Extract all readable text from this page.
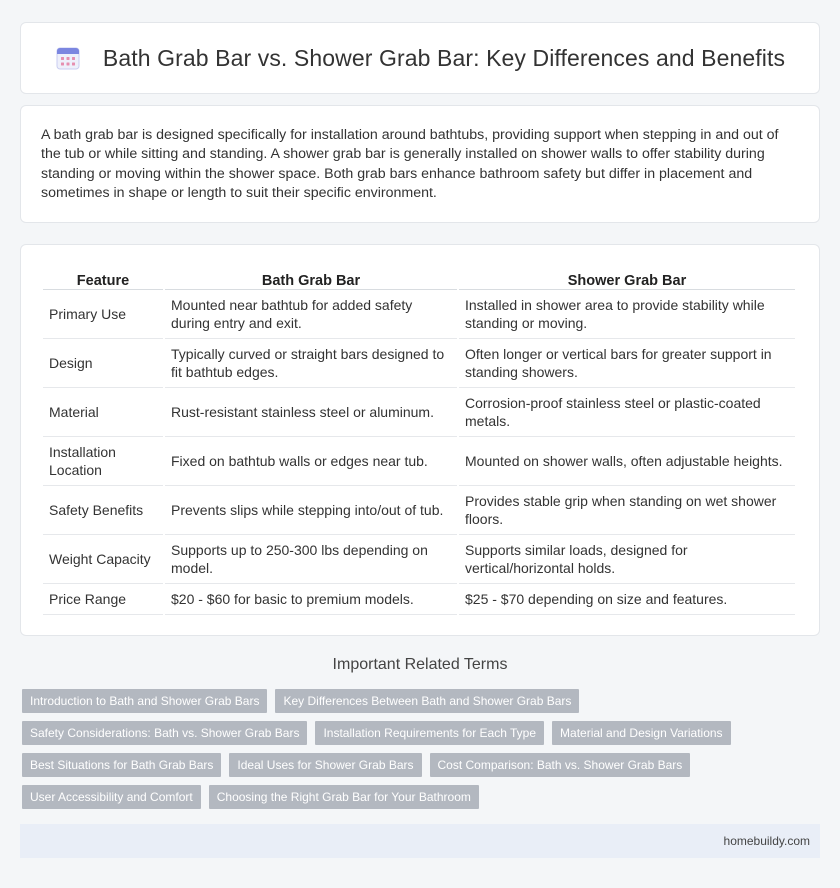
Bath Grab Bar vs. Shower Grab Bar: Key Differences and Benefits

A bath grab bar is designed specifically for installation around bathtubs, providing support when stepping in and out of the tub or while sitting and standing. A shower grab bar is generally installed on shower walls to offer stability during standing or moving within the shower space. Both grab bars enhance bathroom safety but differ in placement and sometimes in shape or length to suit their specific environment.

Feature	Bath Grab Bar	Shower Grab Bar
Primary Use	Mounted near bathtub for added safety during entry and exit.	Installed in shower area to provide stability while standing or moving.
Design	Typically curved or straight bars designed to fit bathtub edges.	Often longer or vertical bars for greater support in standing showers.
Material	Rust-resistant stainless steel or aluminum.	Corrosion-proof stainless steel or plastic-coated metals.
Installation Location	Fixed on bathtub walls or edges near tub.	Mounted on shower walls, often adjustable heights.
Safety Benefits	Prevents slips while stepping into/out of tub.	Provides stable grip when standing on wet shower floors.
Weight Capacity	Supports up to 250-300 lbs depending on model.	Supports similar loads, designed for vertical/horizontal holds.
Price Range	$20 - $60 for basic to premium models.	$25 - $70 depending on size and features.
Important Related Terms
Introduction to Bath and Shower Grab Bars	Key Differences Between Bath and Shower Grab Bars
Safety Considerations: Bath vs. Shower Grab Bars	Installation Requirements for Each Type	Material and Design Variations
Best Situations for Bath Grab Bars	Ideal Uses for Shower Grab Bars	Cost Comparison: Bath vs. Shower Grab Bars
User Accessibility and Comfort	Choosing the Right Grab Bar for Your Bathroom
homebuildy.com
